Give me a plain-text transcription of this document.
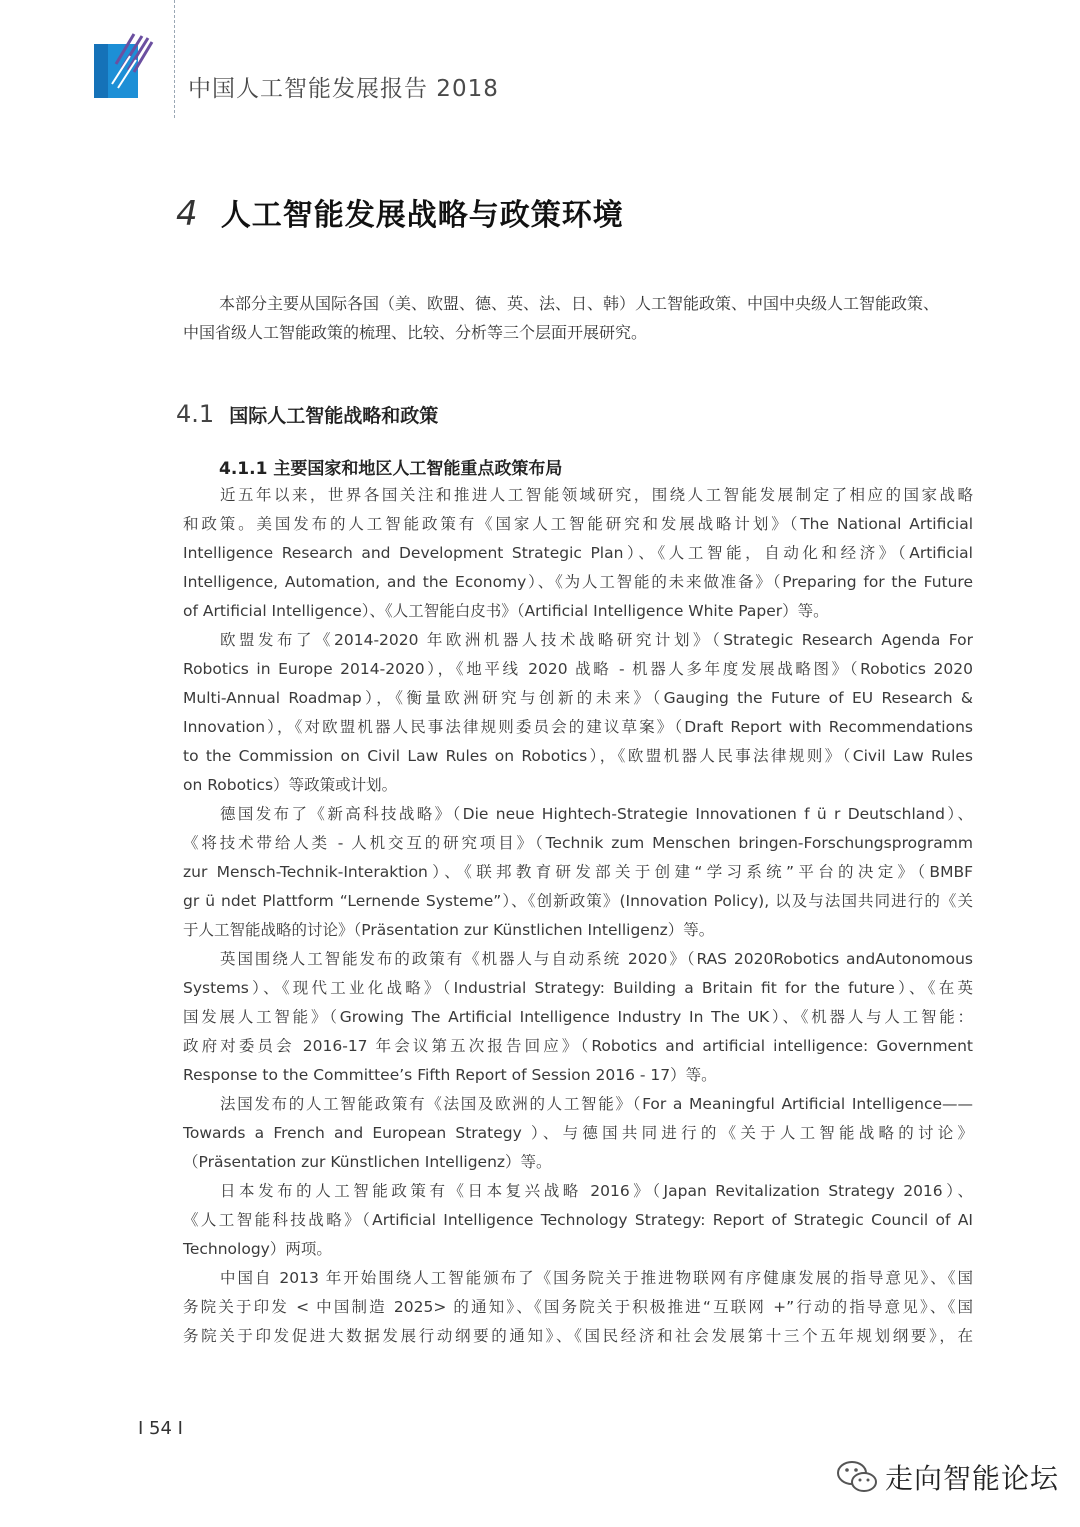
中国人工智能发展报告 2018
4 人工智能发展战略与政策环境
本部分主要从国际各国（美、欧盟、德、英、法、日、韩）人工智能政策、中国中央级人工智能政策、
中国省级人工智能政策的梳理、比较、分析等三个层面开展研究。
4.1 国际人工智能战略和政策
4.1.1 主要国家和地区人工智能重点政策布局
近五年以来，世界各国关注和推进人工智能领域研究，围绕人工智能发展制定了相应的国家战略
和政策。美国发布的人工智能政策有《国家人工智能研究和发展战略计划》（The National Artificial
Intelligence Research and Development Strategic Plan）、《人工智能，自动化和经济》（Artificial
Intelligence, Automation, and the Economy）、《为人工智能的未来做准备》（Preparing for the Future
of Artificial Intelligence）、《人工智能白皮书》（Artificial Intelligence White Paper）等。
欧盟发布了《2014-2020 年欧洲机器人技术战略研究计划》（Strategic Research Agenda For
Robotics in Europe 2014-2020），《地平线 2020 战略 - 机器人多年度发展战略图》（Robotics 2020
Multi-Annual Roadmap），《衡量欧洲研究与创新的未来》（Gauging the Future of EU Research &
Innovation），《对欧盟机器人民事法律规则委员会的建议草案》（Draft Report with Recommendations
to the Commission on Civil Law Rules on Robotics），《欧盟机器人民事法律规则》（Civil Law Rules
on Robotics）等政策或计划。
德国发布了《新高科技战略》（Die neue Hightech-Strategie Innovationen f ü r Deutschland）、
《将技术带给人类 - 人机交互的研究项目》（Technik zum Menschen bringen-Forschungsprogramm
zur Mensch-Technik-Interaktion）、《联邦教育研发部关于创建“学习系统”平台的决定》（BMBF
gr ü ndet Plattform “Lernende Systeme”）、《创新政策》(Innovation Policy), 以及与法国共同进行的《关
于人工智能战略的讨论》（Präsentation zur Künstlichen Intelligenz）等。
英国围绕人工智能发布的政策有《机器人与自动系统 2020》（RAS 2020Robotics andAutonomous
Systems）、《现代工业化战略》（Industrial Strategy: Building a Britain fit for the future）、《在英
国发展人工智能》（Growing The Artificial Intelligence Industry In The UK）、《机器人与人工智能：
政府对委员会 2016-17 年会议第五次报告回应》（Robotics and artificial intelligence: Government
Response to the Committee’s Fifth Report of Session 2016 - 17）等。
法国发布的人工智能政策有《法国及欧洲的人工智能》（For a Meaningful Artificial Intelligence——
Towards a French and European Strategy ）、与德国共同进行的《关于人工智能战略的讨论》
（Präsentation zur Künstlichen Intelligenz）等。
日本发布的人工智能政策有《日本复兴战略 2016》（Japan Revitalization Strategy 2016）、
《人工智能科技战略》（Artificial Intelligence Technology Strategy: Report of Strategic Council of AI
Technology）两项。
中国自 2013 年开始围绕人工智能颁布了《国务院关于推进物联网有序健康发展的指导意见》、《国
务院关于印发 < 中国制造 2025> 的通知》、《国务院关于积极推进“互联网 +”行动的指导意见》、《国
务院关于印发促进大数据发展行动纲要的通知》、《国民经济和社会发展第十三个五年规划纲要》，在
I 54 I
走向智能论坛
